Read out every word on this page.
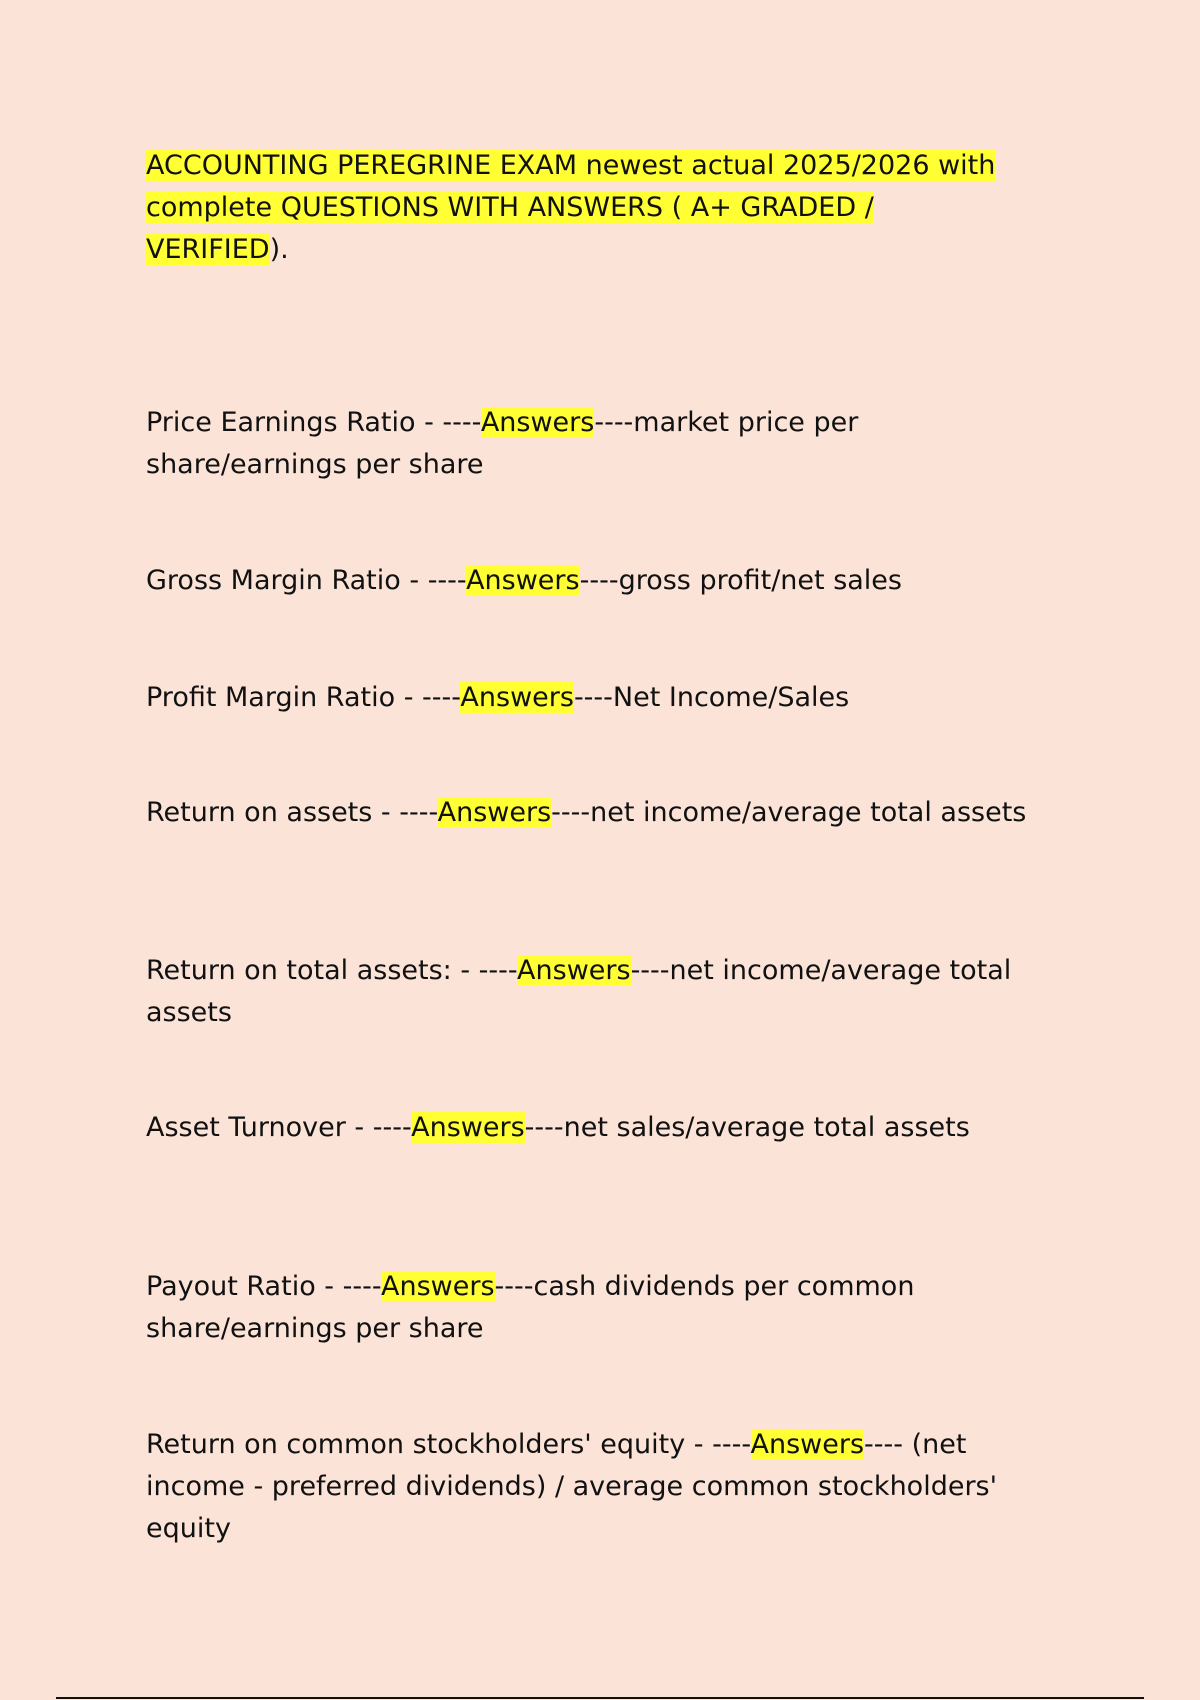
ACCOUNTING PEREGRINE EXAM newest actual 2025/2026 with
complete QUESTIONS WITH ANSWERS ( A+ GRADED /
VERIFIED).

Price Earnings Ratio - ----Answers----market price per share/earnings per share

Gross Margin Ratio - ----Answers----gross profit/net sales

Profit Margin Ratio - ----Answers----Net Income/Sales

Return on assets - ----Answers----net income/average total assets

Return on total assets: - ----Answers----net income/average total assets

Asset Turnover - ----Answers----net sales/average total assets

Payout Ratio - ----Answers----cash dividends per common share/earnings per share

Return on common stockholders' equity - ----Answers---- (net income - preferred dividends) / average common stockholders' equity
